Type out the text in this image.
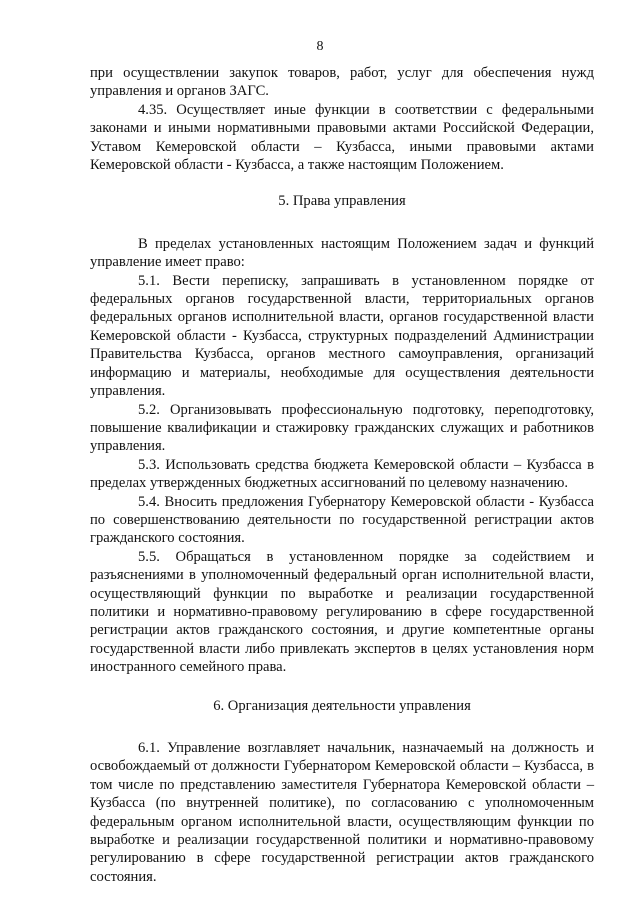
8

при осуществлении закупок товаров, работ, услуг для обеспечения нужд управления и органов ЗАГС.

4.35. Осуществляет иные функции в соответствии с федеральными законами и иными нормативными правовыми актами Российской Федерации, Уставом Кемеровской области – Кузбасса, иными правовыми актами Кемеровской области - Кузбасса, а также настоящим Положением.

5. Права управления

В пределах установленных настоящим Положением задач и функций управление имеет право:

5.1. Вести переписку, запрашивать в установленном порядке от федеральных органов государственной власти, территориальных органов федеральных органов исполнительной власти, органов государственной власти Кемеровской области - Кузбасса, структурных подразделений Администрации Правительства Кузбасса, органов местного самоуправления, организаций информацию и материалы, необходимые для осуществления деятельности управления.

5.2. Организовывать профессиональную подготовку, переподготовку, повышение квалификации и стажировку гражданских служащих и работников управления.

5.3. Использовать средства бюджета Кемеровской области – Кузбасса в пределах утвержденных бюджетных ассигнований по целевому назначению.

5.4. Вносить предложения Губернатору Кемеровской области - Кузбасса по совершенствованию деятельности по государственной регистрации актов гражданского состояния.

5.5. Обращаться в установленном порядке за содействием и разъяснениями в уполномоченный федеральный орган исполнительной власти, осуществляющий функции по выработке и реализации государственной политики и нормативно-правовому регулированию в сфере государственной регистрации актов гражданского состояния, и другие компетентные органы государственной власти либо привлекать экспертов в целях установления норм иностранного семейного права.

6. Организация деятельности управления

6.1. Управление возглавляет начальник, назначаемый на должность и освобождаемый от должности Губернатором Кемеровской области – Кузбасса, в том числе по представлению заместителя Губернатора Кемеровской области – Кузбасса (по внутренней политике), по согласованию с уполномоченным федеральным органом исполнительной власти, осуществляющим функции по выработке и реализации государственной политики и нормативно-правовому регулированию в сфере государственной регистрации актов гражданского состояния.
